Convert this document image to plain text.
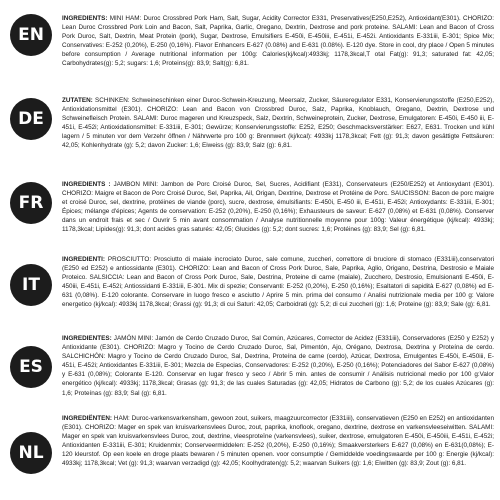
EN
INGREDIENTS: MINI HAM: Duroc Crossbred Pork Ham, Salt, Sugar, Acidity Corrector E331, Preservatives(E250,E252), Antioxidant(E301). CHORIZO: Lean Duroc Crossbred Pork Loin and Bacon, Salt, Paprika, Garlic, Oregano, Dextrin, Dextrose and pork proteine. SALAMI: Lean and Bacon of Cross Pork Duroc, Salt, Dextrin, Meat Protein (pork), Sugar, Dextrose, Emulsifiers E-450i, E-450iii, E-451i, E-452i. Antioxidants E-331iii, E-301; Spice Mix; Conservatives: E-252 (0,20%), E-250 (0,16%). Flavor Enhancers E-627 (0.08%) and E-631 (0.08%). E-120 dye. Store in cool, dry place / Open 5 minutes before consumption / Average nutritional information per 100g: Calories(kj/kcal):4933kj; 1178,3kcal,T otal Fat(g): 91,3; saturated fat: 42,05; Carbohydrates(g): 5,2; sugars: 1,6; Proteins(g): 83,9; Salt(g): 6,81.
DE
ZUTATEN: SCHINKEN: Schweineschinken einer Duroc-Schwein-Kreuzung, Meersalz, Zucker, Säureregulator E331, Konservierungsstoffe (E250,E252), Antioxidationsmittel (E301). CHORIZO: Lean and Bacon von Crossbred Duroc, Salz, Paprika, Knoblauch, Oregano, Dextrin, Dextrose und Schweinefleisch Protein. SALAMI: Duroc mageren und Kreuzspeck, Salz, Dextrin, Schweineprotein, Zucker, Dextrose, Emulgatoren: E-450i, E-450 iii, E-451i, E-452i; Antioxidationsmittel: E-331iii, E-301; Gewürze; Konservierungsstoffe: E252, E250; Geschmacksverstärker: E627, E631. Trocken und kühl lagern / 5 minuten vor dem Verzehr öffnen / Nährwerte pro 100 g: Brennwert (kj/kcal): 4933kj 1178,3kcal; Fett (g): 91,3; davon gesättigte Fettsäuren: 42,05; Kohlenhydrate (g): 5,2; davon Zucker: 1,6; Eiweiss (g): 83,9; Salz (g): 6,81.
FR
INGREDIENTS : JAMBON MINI: Jambon de Porc Croisé Duroc, Sel, Sucres, Acidifiant (E331), Conservateurs (E250/E252) et Antioxydant (E301). CHORIZO: Maigre et Bacon de Porc Croisé Duroc, Sel, Paprika, Ail, Origan, Dextrine, Dextrose et Protéine de Porc. SAUCISSON: Bacon de porc maigre et croisé Duroc, sel, dextrine, protéines de viande (porc), sucre, dextrose, émulsifiants: E-450i, E-450 iii, E-451i, E-452i; Antioxydants: E-331iii, E-301; Épices; mélange d'épices; Agents de conservation: E-252 (0,20%), E-250 (0,16%); Exhausteurs de saveur: E-627 (0,08%) et E-631 (0,08%). Conserver dans un endroit frais et sec / Ouvrir 5 min avant consommation / Analyse nutritionnelle moyenne pour 100g: Valeur énergétique (kj/kcal): 4933kj; 1178,3kcal; Lipides(g): 91,3; dont acides gras saturés: 42,05; Glucides (g): 5,2; dont sucres: 1,6; Protéines (g): 83,9; Sel (g): 6,81.
IT
INGREDIENTI: PROSCIUTTO: Prosciutto di maiale incrociato Duroc, sale comune, zuccheri, correttore di bruciore di stomaco (E331iii),conservatori (E250 ed E252) e antiossidante (E301). CHORIZO: Lean and Bacon of Cross Pork Duroc, Sale, Paprika, Aglio, Origano, Destrina, Destrosio e Maiale Proteico. SALSICCIA: Lean and Bacon of Cross Pork Duroc, Sale, Destrina, Proteine di carne (maiale), Zucchero, Destrosio, Emulsionanti E-450i, E-450iii, E-451i, E-452i; Antiossidanti E-331iii, E-301. Mix di spezie; Conservanti: E-252 (0,20%), E-250 (0,16%); Esaltatori di sapidità E-627 (0,08%) ed E-631 (0,08%). E-120 colorante. Conservare in luogo fresco e asciutto / Aprire 5 min. prima del consumo / Analisi nutrizionale media per 100 g: Valore energetico (kj/kcal): 4933kj 1178,3kcal; Grassi (g): 91,3; di cui Saturi: 42,05; Carboidrati (g): 5,2; di cui zuccheri (g): 1,6; Proteine (g): 83,9; Sale (g): 6,81.
ES
INGREDIENTES: JAMÓN MINI: Jamón de Cerdo Cruzado Duroc, Sal Común, Azúcares, Corrector de Acidez (E331iii), Conservadores (E250 y E252) y Antioxidante (E301). CHORIZO: Magro y Tocino de Cerdo Cruzado Duroc, Sal, Pimentón, Ajo, Orégano, Dextrosa, Dextrina y Proteína de cerdo. SALCHICHÓN: Magro y Tocino de Cerdo Cruzado Duroc, Sal, Dextrina, Proteína de carne (cerdo), Azúcar, Dextrosa, Emulgentes E-450i, E-450iii, E-451i, E-452i; Antioxidantes E-331iii, E-301; Mezcla de Especias, Conservadores: E-252 (0,20%), E-250 (0,16%); Potenciadores del Sabor E-627 (0,08%) y E-631 (0,08%); Colorante E-120. Conservar en lugar fresco y seco / Abrir 5 min. antes de consumir / Análisis nutricional medio por 100 g:Valor energético (kj/kcal): 4933kj; 1178,3kcal; Grasas (g): 91,3; de las cuales Saturadas (g): 42,05; Hidratos de Carbono (g): 5,2; de los cuales Azúcares (g): 1,6; Proteínas (g): 83,9; Sal (g): 6,81.
NL
INGREDIËNTEN: HAM: Duroc-varkensvarkensham, gewoon zout, suikers, maagzuurcorrector (E331iii), conservatieven (E250 en E252) en antioxidanten (E301). CHORIZO: Mager en spek van kruisvarkensvlees Duroc, zout, paprika, knoflook, oregano, dextrine, dextrose en varkensvleeseiwitten. SALAMI: Mager en spek van kruisvarkensvlees Duroc, zout, dextrine, vleesproteïne (varkensvlees), suiker, dextrose, emulgatoren E-450i, E-450iii, E-451i, E-452i; Antioxidanten E-331iii, E-301; Kruidenmix; Conserveermiddelen: E-252 (0,20%), E-250 (0,16%); Smaakversterkers E-627 (0,08%) en E-631(0,08%); E-120 kleurstof. Op een koele en droge plaats bewaren / 5 minuten openen. voor consumptie / Gemiddelde voedingswaarde per 100 g: Energie (kj/kcal): 4933kj; 1178,3kcal; Vet (g): 91,3; waarvan verzadigd (g): 42,05; Koolhydraten(g): 5,2; waarvan Suikers (g): 1,6; Eiwitten (g): 83,9; Zout (g): 6,81.
